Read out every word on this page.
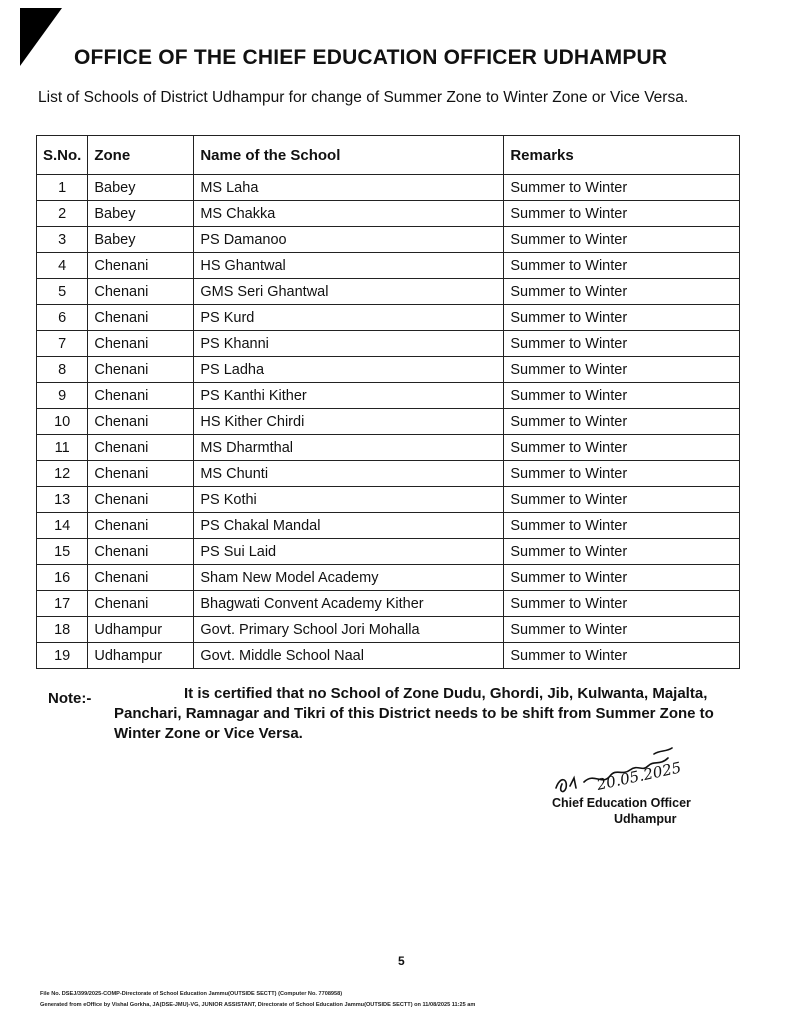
OFFICE OF THE CHIEF EDUCATION OFFICER UDHAMPUR
List of Schools of District Udhampur for change of Summer Zone to Winter Zone or Vice Versa.
S.No.	Zone	Name of the School	Remarks
1	Babey	MS Laha	Summer to Winter
2	Babey	MS Chakka	Summer to Winter
3	Babey	PS Damanoo	Summer to Winter
4	Chenani	HS Ghantwal	Summer to Winter
5	Chenani	GMS Seri Ghantwal	Summer to Winter
6	Chenani	PS Kurd	Summer to Winter
7	Chenani	PS Khanni	Summer to Winter
8	Chenani	PS Ladha	Summer to Winter
9	Chenani	PS Kanthi Kither	Summer to Winter
10	Chenani	HS Kither Chirdi	Summer to Winter
11	Chenani	MS Dharmthal	Summer to Winter
12	Chenani	MS Chunti	Summer to Winter
13	Chenani	PS Kothi	Summer to Winter
14	Chenani	PS Chakal Mandal	Summer to Winter
15	Chenani	PS Sui Laid	Summer to Winter
16	Chenani	Sham New Model Academy	Summer to Winter
17	Chenani	Bhagwati Convent Academy Kither	Summer to Winter
18	Udhampur	Govt. Primary School Jori Mohalla	Summer to Winter
19	Udhampur	Govt. Middle School Naal	Summer to Winter
Note:-	It is certified that no School of Zone Dudu, Ghordi, Jib, Kulwanta, Majalta, Panchari, Ramnagar and Tikri of this District needs to be shift from Summer Zone to Winter Zone or Vice Versa.
20.05.2025
Chief Education Officer
Udhampur
5
File No. DSEJ/399/2025-COMP-Directorate of School Education Jammu(OUTSIDE SECTT) (Computer No. 7708958)
Generated from eOffice by Vishal Gorkha, JA(DSE-JMU)-VG, JUNIOR ASSISTANT, Directorate of School Education Jammu(OUTSIDE SECTT) on 11/08/2025 11:25 am
